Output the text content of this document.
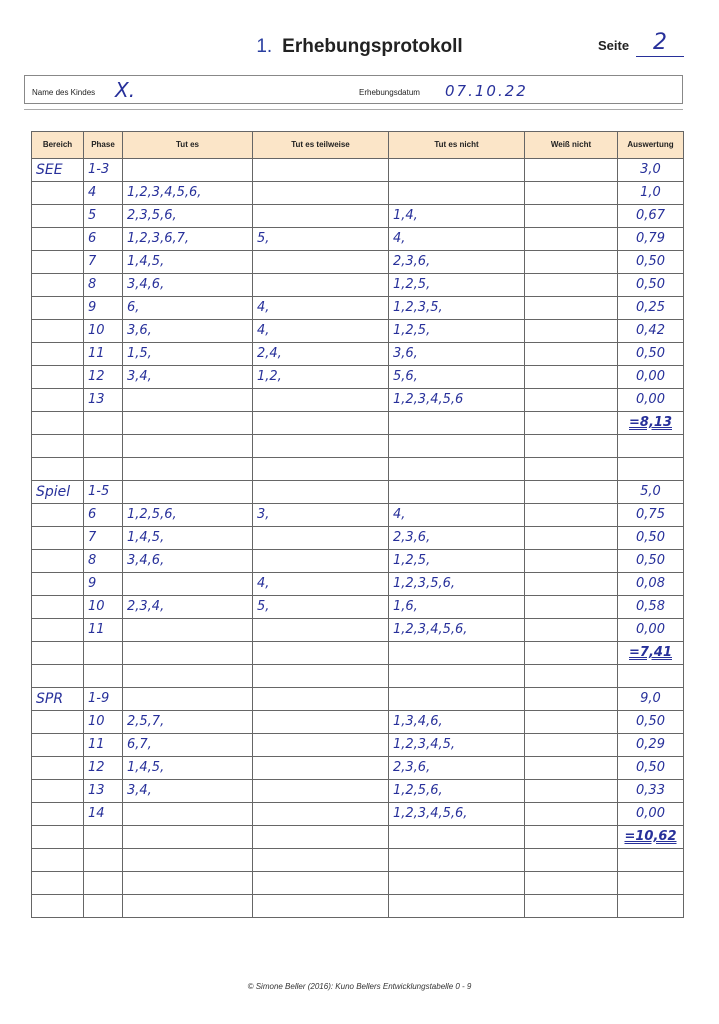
1. Erhebungsprotokoll	Seite	2
Name des Kindes X.	Erhebungsdatum 07.10.22
Bereich	Phase	Tut es	Tut es teilweise	Tut es nicht	Weiß nicht	Auswertung
SEE	1-3					3,0
	4	1,2,3,4,5,6,				1,0
	5	2,3,5,6,		1,4,		0,67
	6	1,2,3,6,7,	5,	4,		0,79
	7	1,4,5,		2,3,6,		0,50
	8	3,4,6,		1,2,5,		0,50
	9	6,	4,	1,2,3,5,		0,25
	10	3,6,	4,	1,2,5,		0,42
	11	1,5,	2,4,	3,6,		0,50
	12	3,4,	1,2,	5,6,		0,00
	13			1,2,3,4,5,6		0,00
						=8,13

Spiel	1-5					5,0
	6	1,2,5,6,	3,	4,		0,75
	7	1,4,5,		2,3,6,		0,50
	8	3,4,6,		1,2,5,		0,50
	9		4,	1,2,3,5,6,		0,08
	10	2,3,4,	5,	1,6,		0,58
	11			1,2,3,4,5,6,		0,00
						=7,41

SPR	1-9					9,0
	10	2,5,7,		1,3,4,6,		0,50
	11	6,7,		1,2,3,4,5,		0,29
	12	1,4,5,		2,3,6,		0,50
	13	3,4,		1,2,5,6,		0,33
	14			1,2,3,4,5,6,		0,00
						=10,62

© Simone Beller (2016): Kuno Bellers Entwicklungstabelle 0 - 9
